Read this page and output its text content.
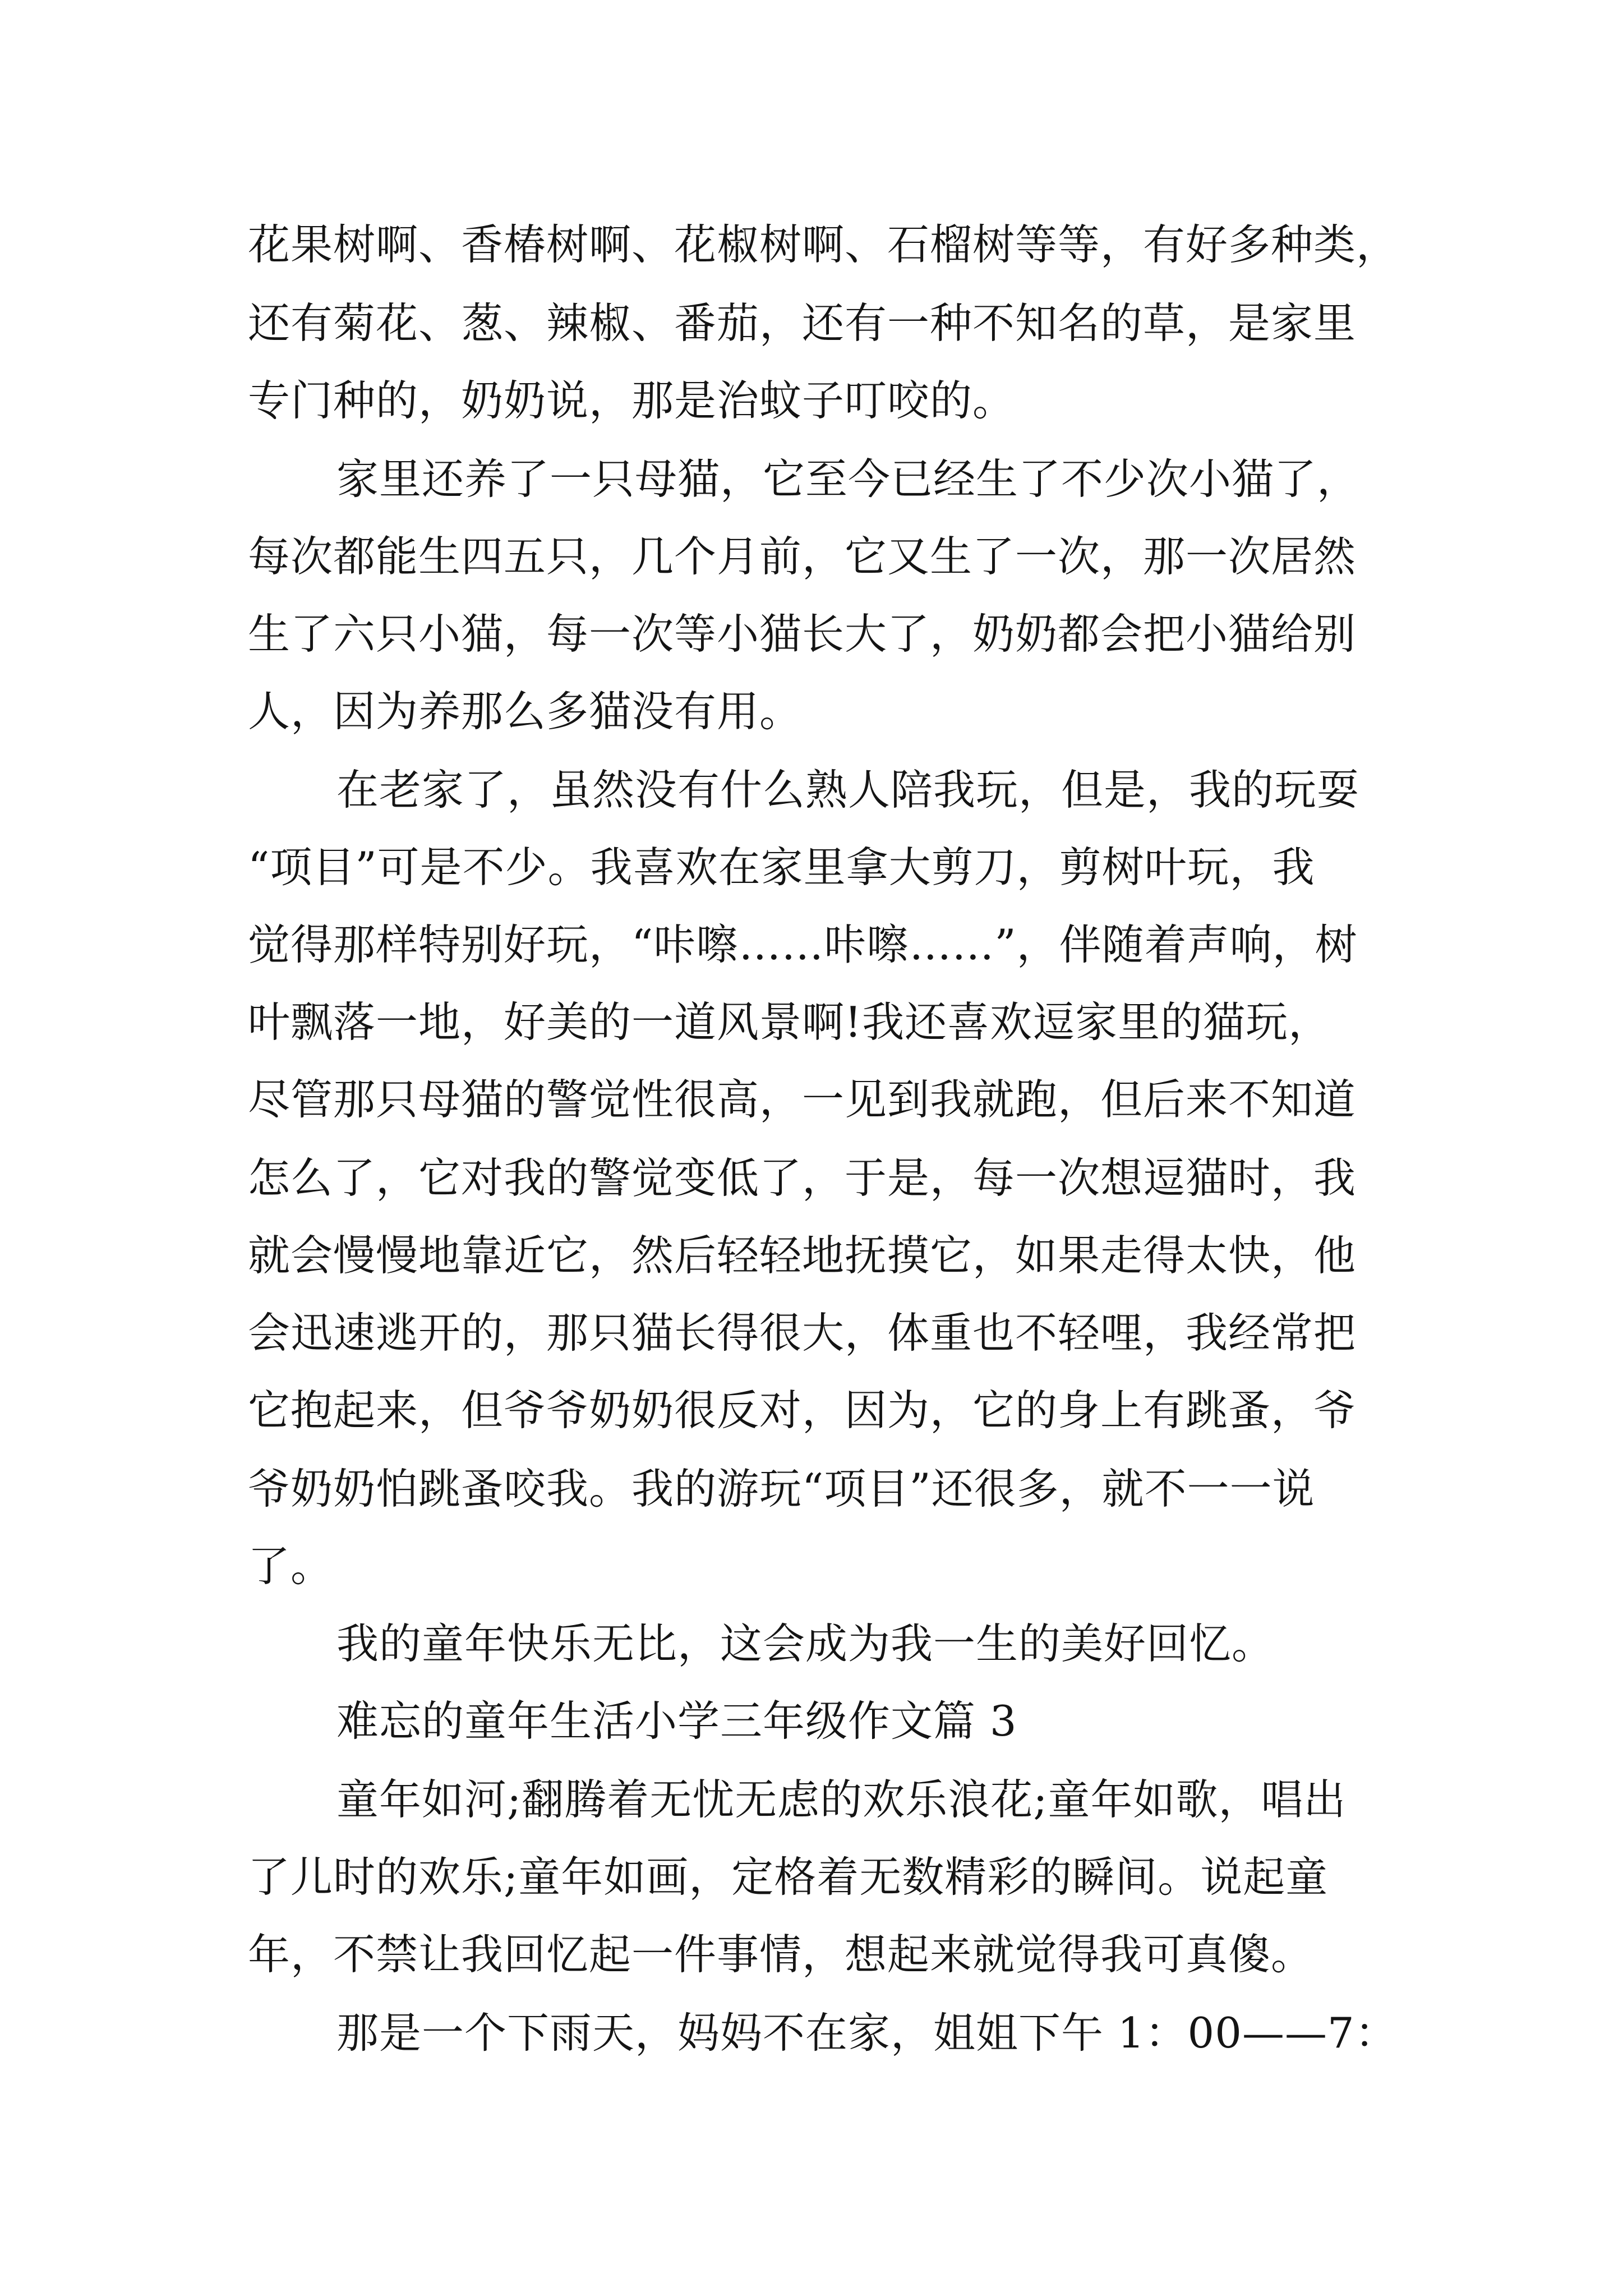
花果树啊、香椿树啊、花椒树啊、石榴树等等，有好多种类，
还有菊花、葱、辣椒、番茄，还有一种不知名的草，是家里
专门种的，奶奶说，那是治蚊子叮咬的。
家里还养了一只母猫，它至今已经生了不少次小猫了，
每次都能生四五只，几个月前，它又生了一次，那一次居然
生了六只小猫，每一次等小猫长大了，奶奶都会把小猫给别
人，因为养那么多猫没有用。
在老家了，虽然没有什么熟人陪我玩，但是，我的玩耍
“项目”可是不少。我喜欢在家里拿大剪刀，剪树叶玩，我
觉得那样特别好玩，“咔嚓……咔嚓……”，伴随着声响，树
叶飘落一地，好美的一道风景啊!我还喜欢逗家里的猫玩，
尽管那只母猫的警觉性很高，一见到我就跑，但后来不知道
怎么了，它对我的警觉变低了，于是，每一次想逗猫时，我
就会慢慢地靠近它，然后轻轻地抚摸它，如果走得太快，他
会迅速逃开的，那只猫长得很大，体重也不轻哩，我经常把
它抱起来，但爷爷奶奶很反对，因为，它的身上有跳蚤，爷
爷奶奶怕跳蚤咬我。我的游玩“项目”还很多，就不一一说
了。
我的童年快乐无比，这会成为我一生的美好回忆。
难忘的童年生活小学三年级作文篇 3
童年如河;翻腾着无忧无虑的欢乐浪花;童年如歌，唱出
了儿时的欢乐;童年如画，定格着无数精彩的瞬间。说起童
年，不禁让我回忆起一件事情，想起来就觉得我可真傻。
那是一个下雨天，妈妈不在家，姐姐下午 1：00——7：
